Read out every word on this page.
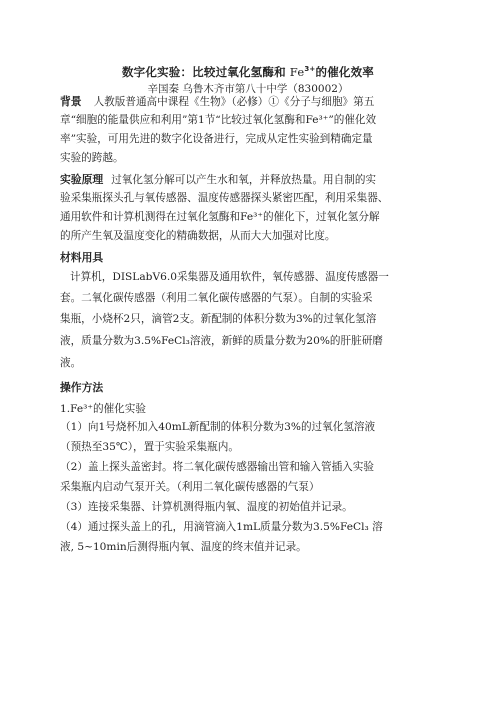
数字化实验：比较过氧化氢酶和 $Fe^{3+}$的催化效率
辛国秦 乌鲁木齐市第八十中学（830002）
背景 人教版普通高中课程《生物》（必修）①《分子与细胞》第五
章“细胞的能量供应和利用”第1节“比较过氧化氢酶和Fe³⁺”的催化效
率”实验，可用先进的数字化设备进行，完成从定性实验到精确定量
实验的跨越。
实验原理 过氧化氢分解可以产生水和氧，并释放热量。用自制的实
验采集瓶探头孔与氧传感器、温度传感器探头紧密匹配，利用采集器、
通用软件和计算机测得在过氧化氢酶和Fe³⁺的催化下，过氧化氢分解
的所产生氧及温度变化的精确数据，从而大大加强对比度。
材料用具
计算机，DISLabV6.0采集器及通用软件，氧传感器、温度传感器一
套。二氧化碳传感器（利用二氧化碳传感器的气泵）。自制的实验采
集瓶，小烧杯2只，滴管2支。新配制的体积分数为3%的过氧化氢溶
液，质量分数为3.5%FeCl₃溶液，新鲜的质量分数为20%的肝脏研磨
液。
操作方法
1.Fe³⁺的催化实验
（1）向1号烧杯加入40mL新配制的体积分数为3%的过氧化氢溶液
（预热至35℃），置于实验采集瓶内。
（2）盖上探头盖密封。将二氧化碳传感器输出管和输入管插入实验
采集瓶内启动气泵开关。（利用二氧化碳传感器的气泵）
（3）连接采集器、计算机测得瓶内氧、温度的初始值并记录。
（4）通过探头盖上的孔，用滴管滴入1mL质量分数为3.5%FeCl₃ 溶
液, 5~10min后测得瓶内氧、温度的终末值并记录。
